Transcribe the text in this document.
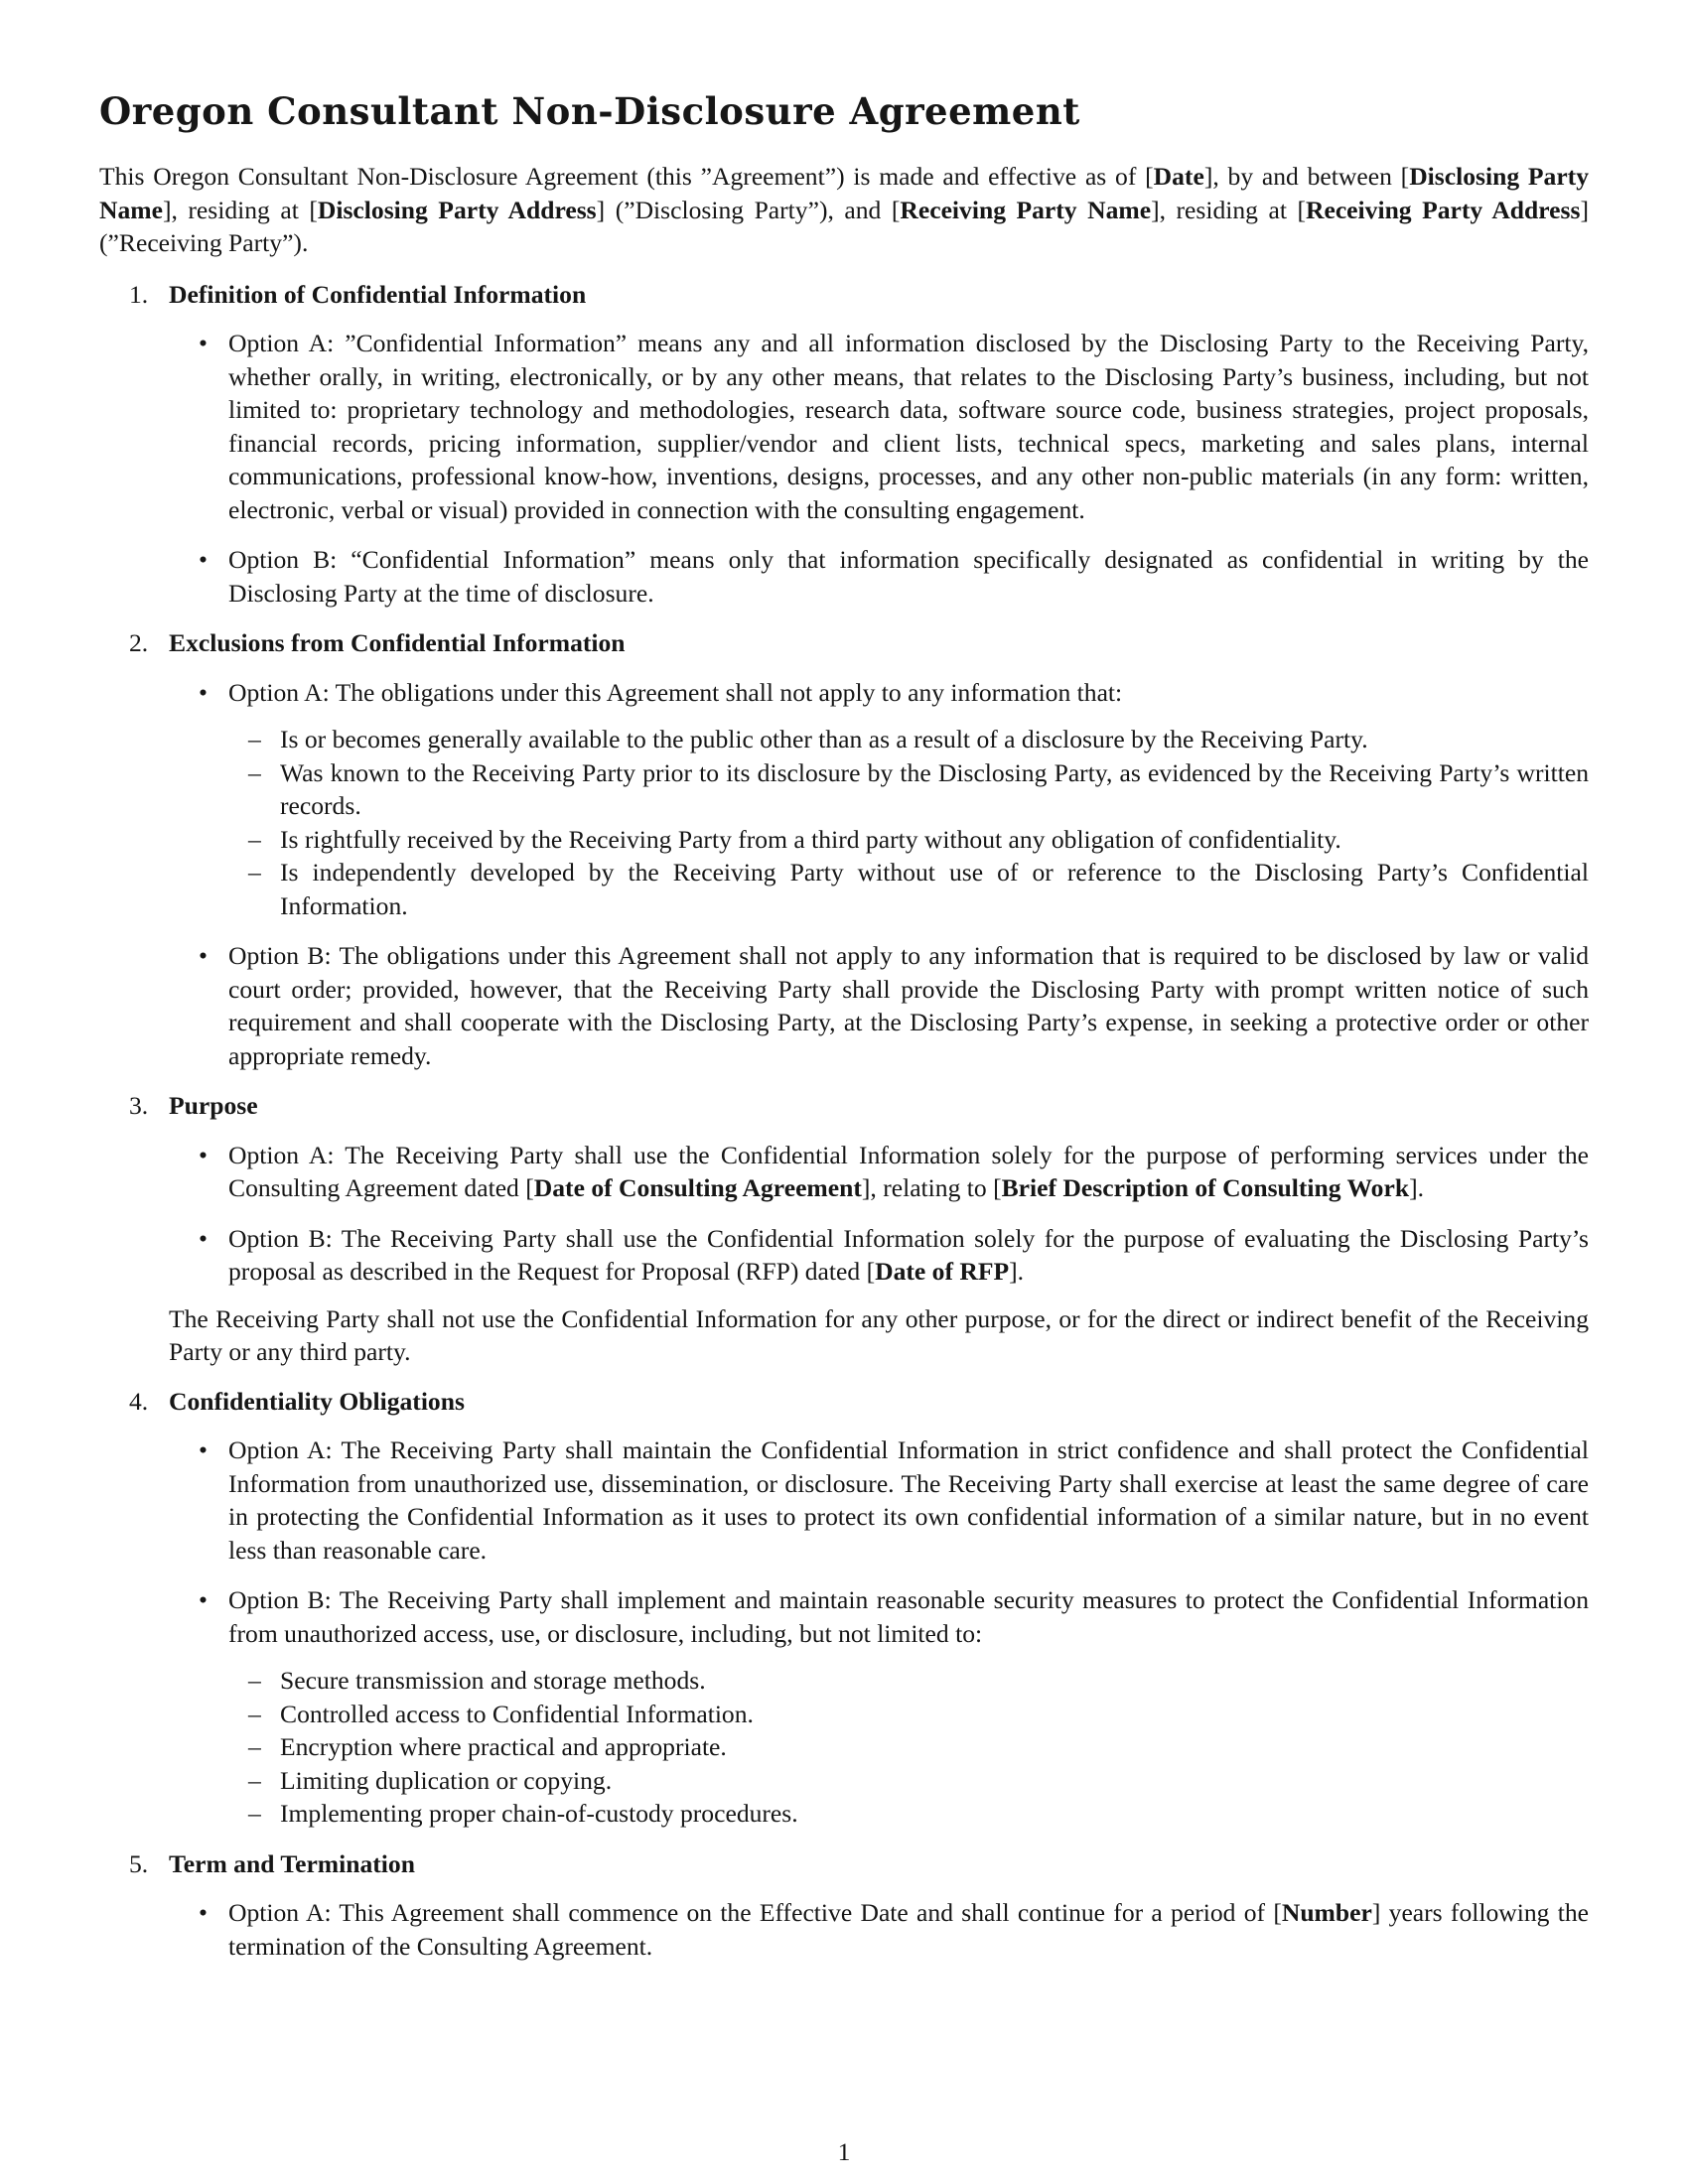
Oregon Consultant Non-Disclosure Agreement

This Oregon Consultant Non-Disclosure Agreement (this ”Agreement”) is made and effective as of [Date], by and between [Disclosing Party Name], residing at [Disclosing Party Address] (”Disclosing Party”), and [Receiving Party Name], residing at [Receiving Party Address] (”Receiving Party”).

1. Definition of Confidential Information
• Option A: ”Confidential Information” means any and all information disclosed by the Disclosing Party to the Receiving Party, whether orally, in writing, electronically, or by any other means, that relates to the Disclosing Party’s business, including, but not limited to: proprietary technology and methodologies, research data, software source code, business strategies, project proposals, financial records, pricing information, supplier/vendor and client lists, technical specs, marketing and sales plans, internal communications, professional know-how, inventions, designs, processes, and any other non-public materials (in any form: written, electronic, verbal or visual) provided in connection with the consulting engagement.
• Option B: “Confidential Information” means only that information specifically designated as confidential in writing by the Disclosing Party at the time of disclosure.
2. Exclusions from Confidential Information
• Option A: The obligations under this Agreement shall not apply to any information that:
– Is or becomes generally available to the public other than as a result of a disclosure by the Receiving Party.
– Was known to the Receiving Party prior to its disclosure by the Disclosing Party, as evidenced by the Receiving Party’s written records.
– Is rightfully received by the Receiving Party from a third party without any obligation of confidentiality.
– Is independently developed by the Receiving Party without use of or reference to the Disclosing Party’s Confidential Information.
• Option B: The obligations under this Agreement shall not apply to any information that is required to be disclosed by law or valid court order; provided, however, that the Receiving Party shall provide the Disclosing Party with prompt written notice of such requirement and shall cooperate with the Disclosing Party, at the Disclosing Party’s expense, in seeking a protective order or other appropriate remedy.
3. Purpose
• Option A: The Receiving Party shall use the Confidential Information solely for the purpose of performing services under the Consulting Agreement dated [Date of Consulting Agreement], relating to [Brief Description of Consulting Work].
• Option B: The Receiving Party shall use the Confidential Information solely for the purpose of evaluating the Disclosing Party’s proposal as described in the Request for Proposal (RFP) dated [Date of RFP].

The Receiving Party shall not use the Confidential Information for any other purpose, or for the direct or indirect benefit of the Receiving Party or any third party.

4. Confidentiality Obligations
• Option A: The Receiving Party shall maintain the Confidential Information in strict confidence and shall protect the Confidential Information from unauthorized use, dissemination, or disclosure. The Receiving Party shall exercise at least the same degree of care in protecting the Confidential Information as it uses to protect its own confidential information of a similar nature, but in no event less than reasonable care.
• Option B: The Receiving Party shall implement and maintain reasonable security measures to protect the Confidential Information from unauthorized access, use, or disclosure, including, but not limited to:
– Secure transmission and storage methods.
– Controlled access to Confidential Information.
– Encryption where practical and appropriate.
– Limiting duplication or copying.
– Implementing proper chain-of-custody procedures.
5. Term and Termination
• Option A: This Agreement shall commence on the Effective Date and shall continue for a period of [Number] years following the termination of the Consulting Agreement.
1
